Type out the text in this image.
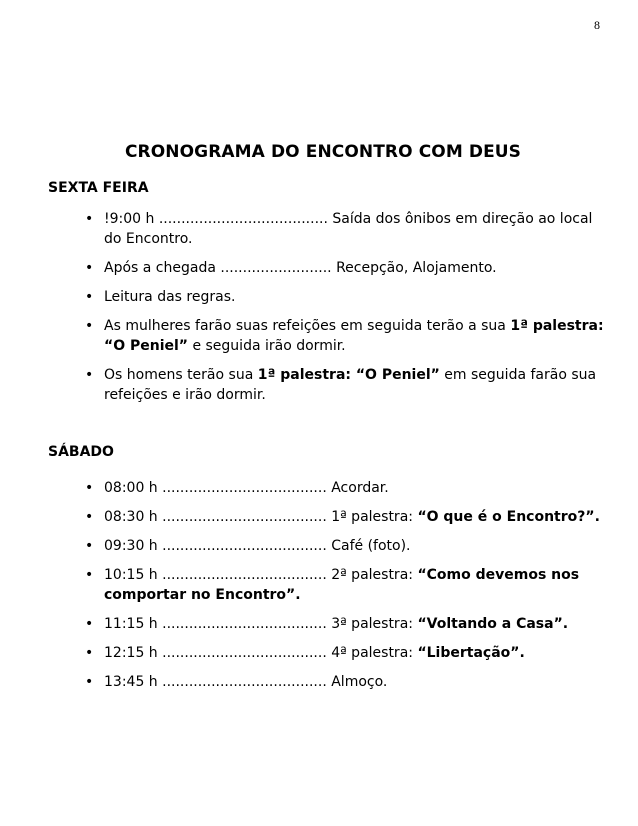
8
CRONOGRAMA DO ENCONTRO COM DEUS
SEXTA FEIRA
• !9:00 h ...................................... Saída dos ônibos em direção ao local do Encontro.
• Após a chegada ......................... Recepção, Alojamento.
• Leitura das regras.
• As mulheres farão suas refeições em seguida terão a sua 1ª palestra: “O Peniel” e seguida irão dormir.
• Os homens terão sua 1ª palestra: “O Peniel” em seguida farão sua refeições e irão dormir.
SÁBADO
• 08:00 h ..................................... Acordar.
• 08:30 h ..................................... 1ª palestra: “O que é o Encontro?”.
• 09:30 h ..................................... Café (foto).
• 10:15 h ..................................... 2ª palestra: “Como devemos nos comportar no Encontro”.
• 11:15 h ..................................... 3ª palestra: “Voltando a Casa”.
• 12:15 h ..................................... 4ª palestra: “Libertação”.
• 13:45 h ..................................... Almoço.
